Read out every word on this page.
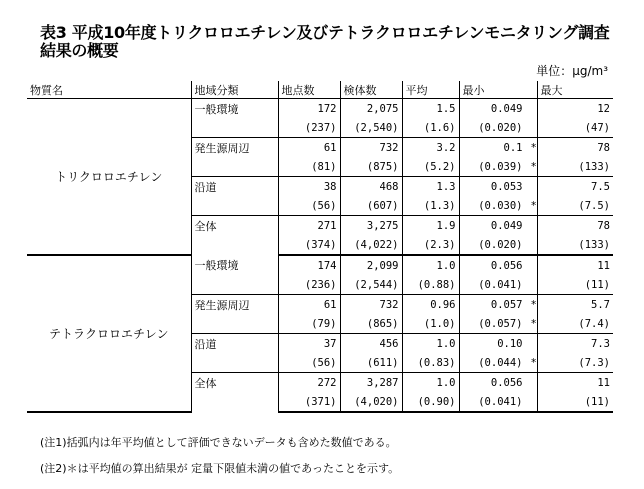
表3 平成10年度トリクロロエチレン及びテトラクロロエチレンモニタリング調査
結果の概要
単位：μg/m³
物質名	地域分類	地点数	検体数	平均	最小	最大
トリクロロエチレン	一般環境	172	2,075	1.5	0.049	12
		(237)	(2,540)	(1.6)	(0.020)	(47)
	発生源周辺	61	732	3.2	0.1 *	78
		(81)	(875)	(5.2)	(0.039) *	(133)
	沿道	38	468	1.3	0.053	7.5
		(56)	(607)	(1.3)	(0.030) *	(7.5)
	全体	271	3,275	1.9	0.049	78
		(374)	(4,022)	(2.3)	(0.020)	(133)
テトラクロロエチレン	一般環境	174	2,099	1.0	0.056	11
		(236)	(2,544)	(0.88)	(0.041)	(11)
	発生源周辺	61	732	0.96	0.057 *	5.7
		(79)	(865)	(1.0)	(0.057) *	(7.4)
	沿道	37	456	1.0	0.10	7.3
		(56)	(611)	(0.83)	(0.044) *	(7.3)
	全体	272	3,287	1.0	0.056	11
		(371)	(4,020)	(0.90)	(0.041)	(11)
(注1)括弧内は年平均値として評価できないデータも含めた数値である。
(注2)＊は平均値の算出結果が 定量下限値未満の値であったことを示す。
